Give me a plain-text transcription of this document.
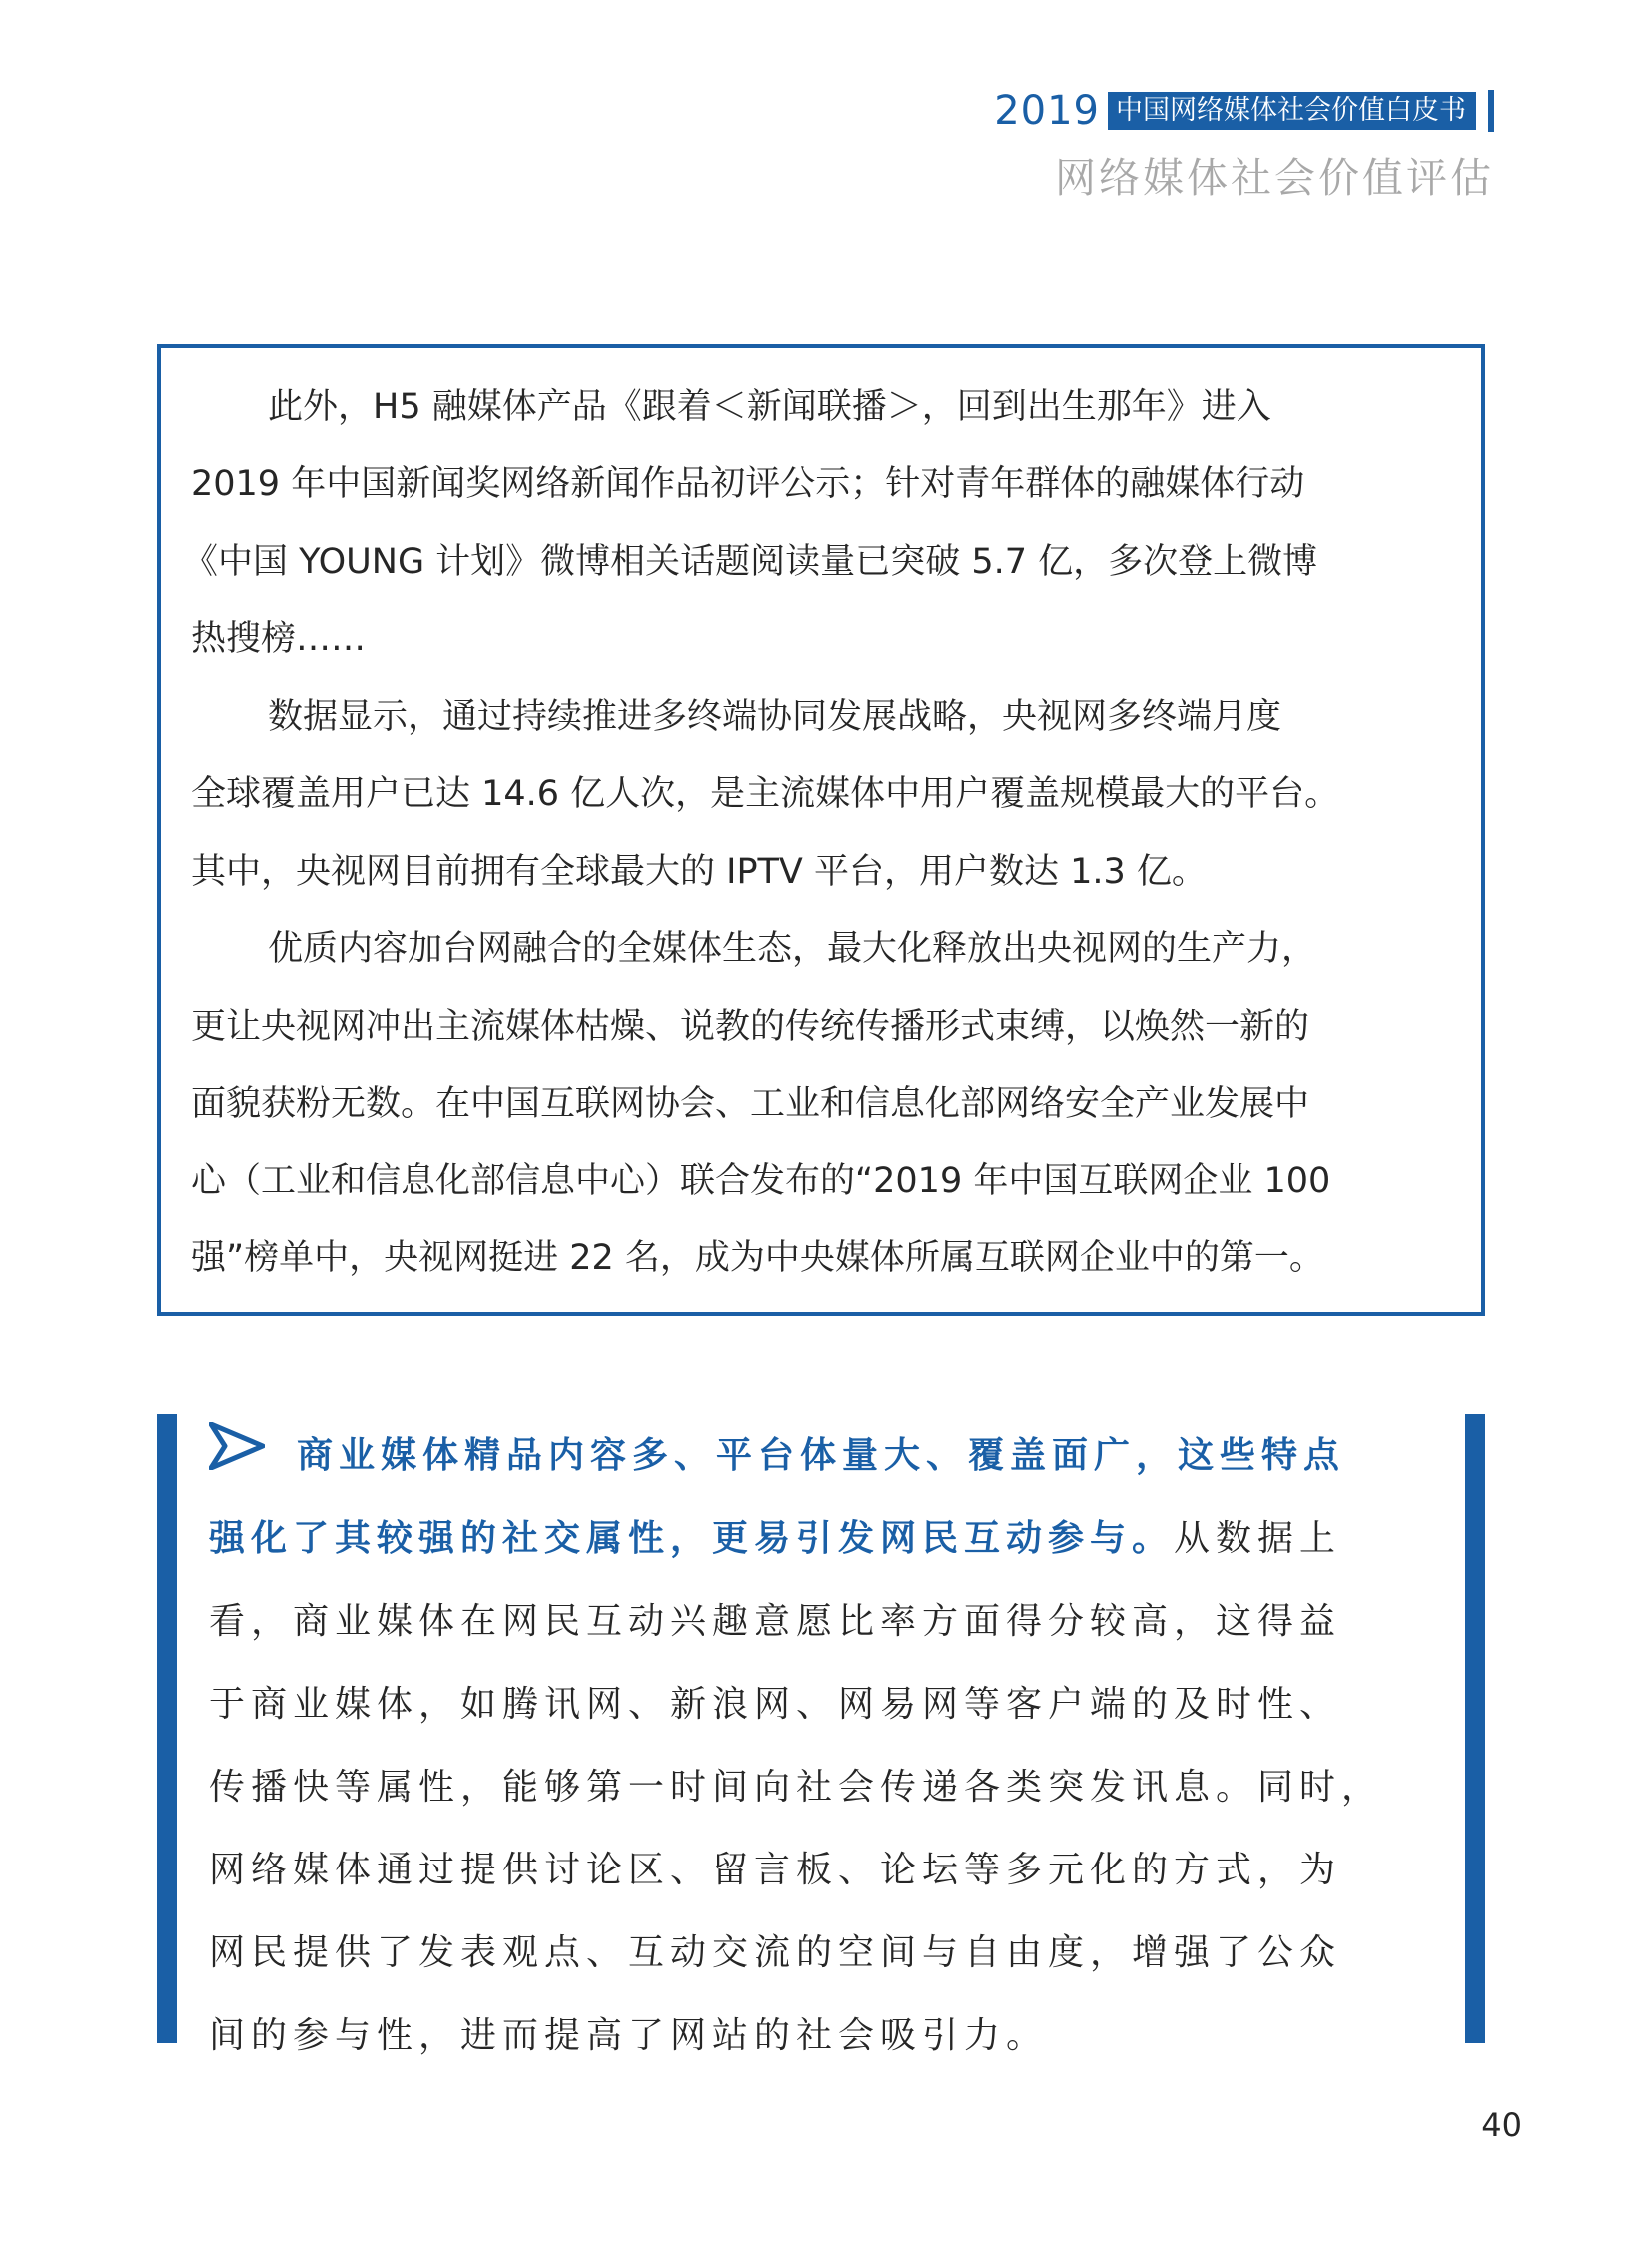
2019 中国网络媒体社会价值白皮书
网络媒体社会价值评估

此外，H5 融媒体产品《跟着＜新闻联播＞，回到出生那年》进入

2019 年中国新闻奖网络新闻作品初评公示；针对青年群体的融媒体行动

《中国 YOUNG 计划》微博相关话题阅读量已突破 5.7 亿，多次登上微博

热搜榜……

数据显示，通过持续推进多终端协同发展战略，央视网多终端月度

全球覆盖用户已达 14.6 亿人次，是主流媒体中用户覆盖规模最大的平台。

其中，央视网目前拥有全球最大的 IPTV 平台，用户数达 1.3 亿。

优质内容加台网融合的全媒体生态，最大化释放出央视网的生产力，

更让央视网冲出主流媒体枯燥、说教的传统传播形式束缚，以焕然一新的

面貌获粉无数。在中国互联网协会、工业和信息化部网络安全产业发展中

心（工业和信息化部信息中心）联合发布的“2019 年中国互联网企业 100

强”榜单中，央视网挺进 22 名，成为中央媒体所属互联网企业中的第一。

商业媒体精品内容多、平台体量大、覆盖面广，这些特点

强化了其较强的社交属性，更易引发网民互动参与。从数据上

看，商业媒体在网民互动兴趣意愿比率方面得分较高，这得益

于商业媒体，如腾讯网、新浪网、网易网等客户端的及时性、

传播快等属性，能够第一时间向社会传递各类突发讯息。同时，

网络媒体通过提供讨论区、留言板、论坛等多元化的方式，为

网民提供了发表观点、互动交流的空间与自由度，增强了公众

间的参与性，进而提高了网站的社会吸引力。

40
